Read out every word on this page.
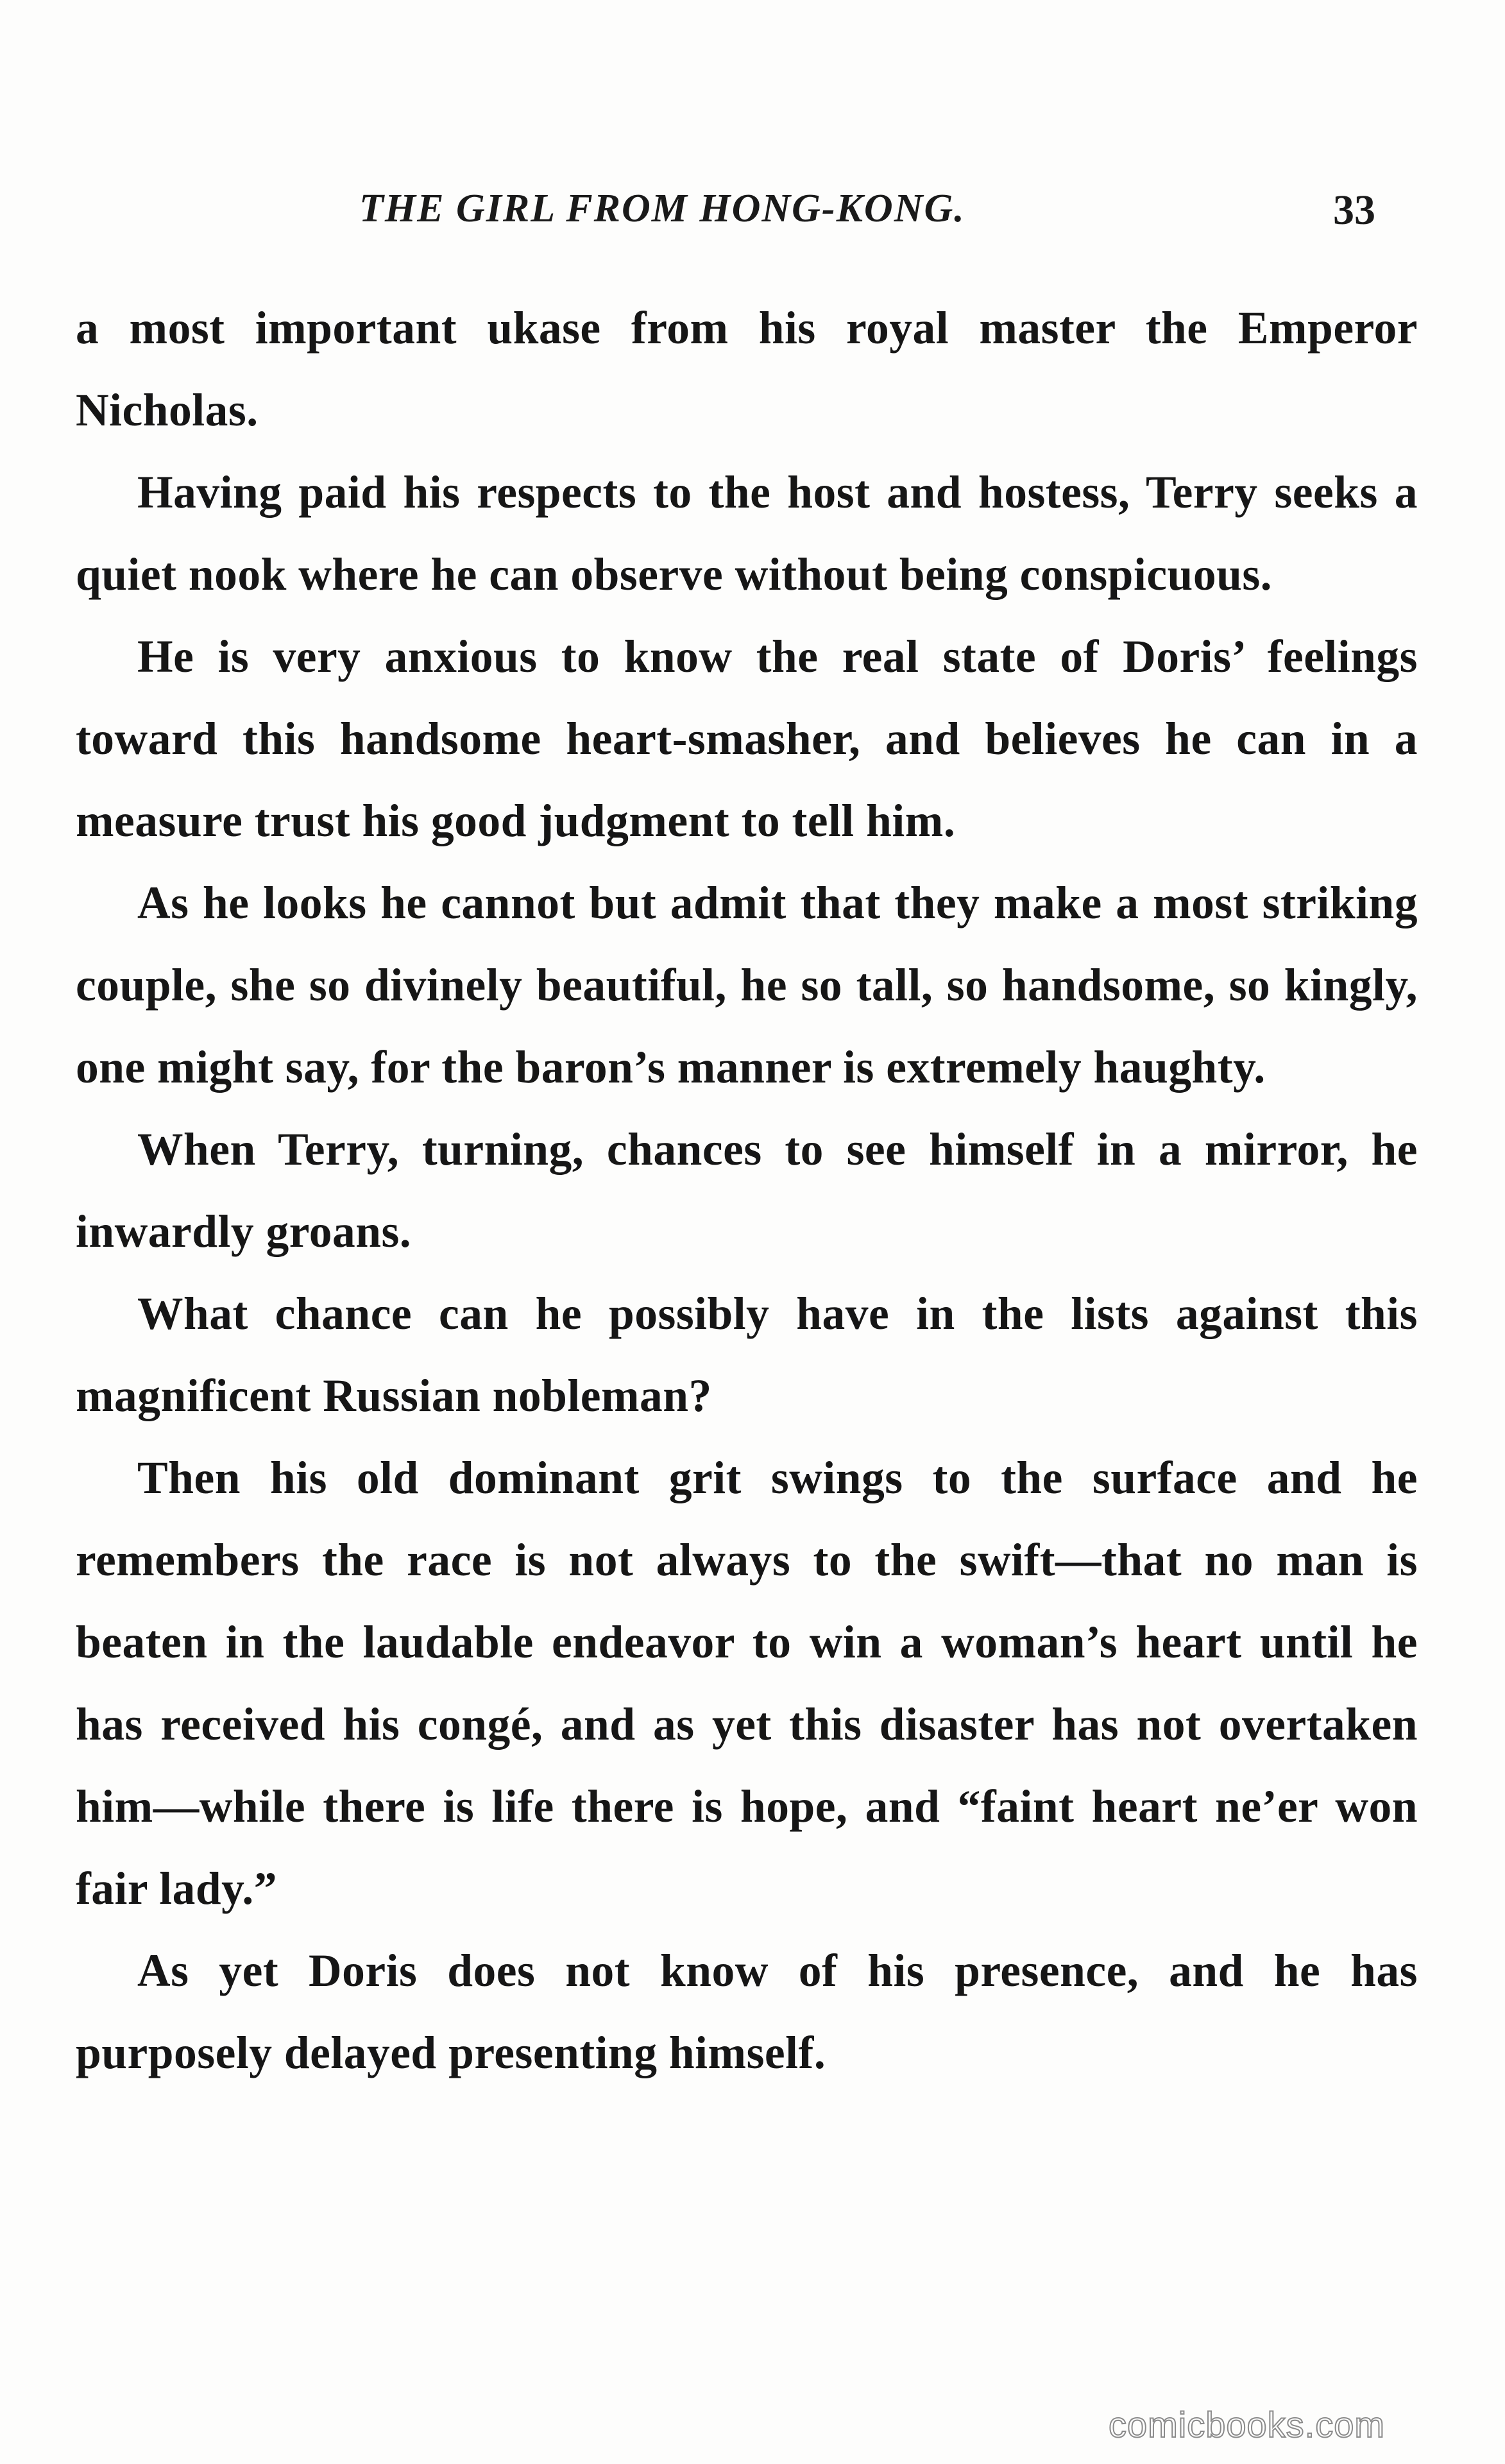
THE GIRL FROM HONG-KONG.	33

a most important ukase from his royal master the Emperor Nicholas.

Having paid his respects to the host and hostess, Terry seeks a quiet nook where he can observe without being conspicuous.

He is very anxious to know the real state of Doris’ feelings toward this handsome heart-smasher, and believes he can in a measure trust his good judgment to tell him.

As he looks he cannot but admit that they make a most striking couple, she so divinely beautiful, he so tall, so handsome, so kingly, one might say, for the baron’s manner is extremely haughty.

When Terry, turning, chances to see himself in a mirror, he inwardly groans.

What chance can he possibly have in the lists against this magnificent Russian nobleman?

Then his old dominant grit swings to the surface and he remembers the race is not always to the swift—that no man is beaten in the laudable endeavor to win a woman’s heart until he has received his congé, and as yet this disaster has not overtaken him—while there is life there is hope, and “faint heart ne’er won fair lady.”

As yet Doris does not know of his presence, and he has purposely delayed presenting himself.

comicbooks.com
